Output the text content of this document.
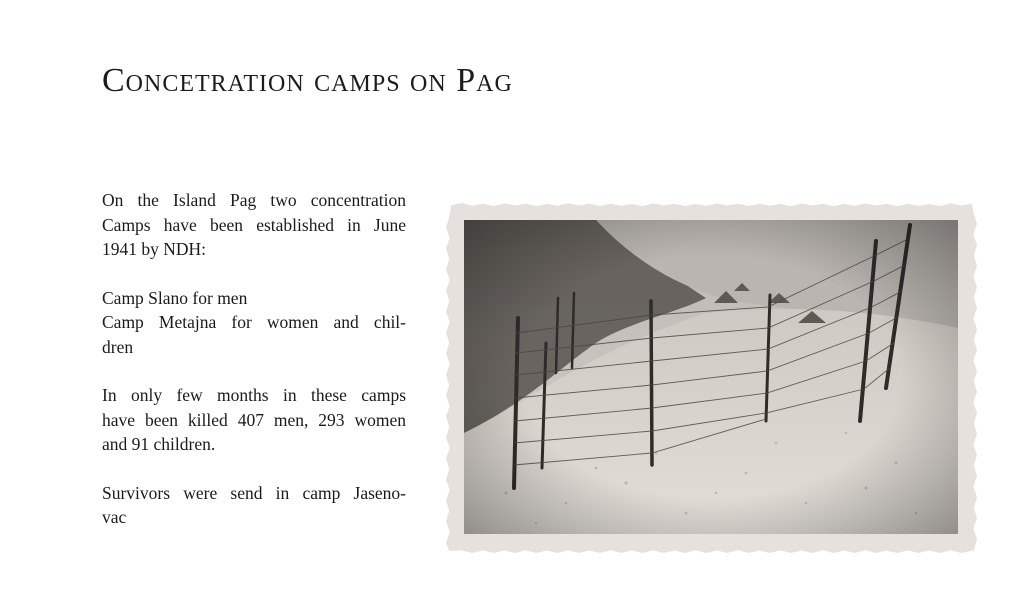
Concetration camps on Pag

On the Island Pag two concentration
Camps have been established in June
1941 by NDH:

Camp Slano for men
Camp Metajna for women and chil-
dren

In only few months in these camps
have been killed 407 men, 293 women
and 91 children.

Survivors were send in camp Jaseno-
vac
